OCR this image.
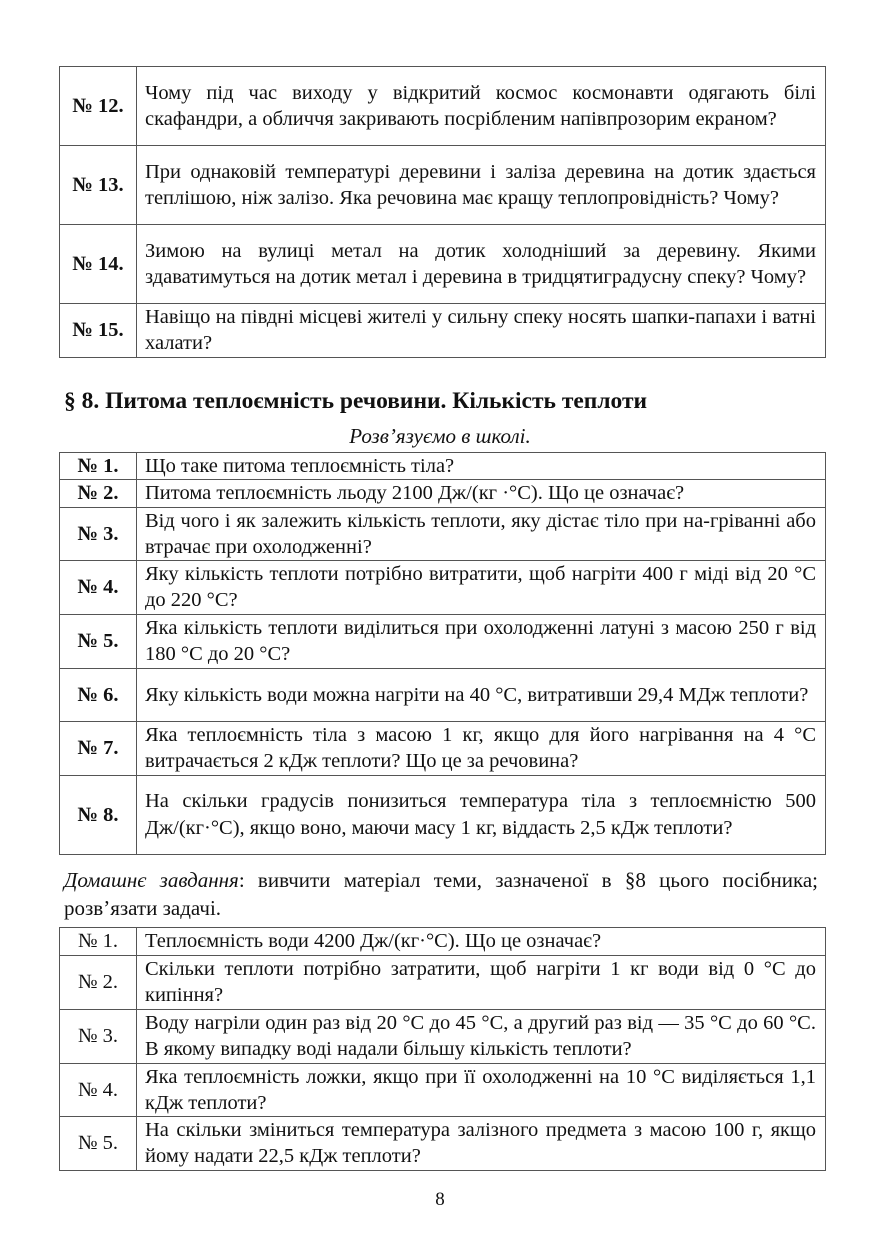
№ 12.	Чому під час виходу у відкритий космос космонавти одягають білі скафандри, а обличчя закривають посрібленим напівпрозорим екраном?
№ 13.	При однаковій температурі деревини і заліза деревина на дотик здається теплішою, ніж залізо. Яка речовина має кращу теплопровідність? Чому?
№ 14.	Зимою на вулиці метал на дотик холодніший за деревину. Якими здаватимуться на дотик метал і деревина в тридцятиградусну спеку? Чому?
№ 15.	Навіщо на півдні місцеві жителі у сильну спеку носять шапки-папахи і ватні халати?
§ 8. Питома теплоємність речовини. Кількість теплоти
Розв’язуємо в школі.
№ 1.	Що таке питома теплоємність тіла?
№ 2.	Питома теплоємність льоду 2100 Дж/(кг ·°С). Що це означає?
№ 3.	Від чого і як залежить кількість теплоти, яку дістає тіло при на-гріванні або втрачає при охолодженні?
№ 4.	Яку кількість теплоти потрібно витратити, щоб нагріти 400 г міді від 20 °С до 220 °С?
№ 5.	Яка кількість теплоти виділиться при охолодженні латуні з масою 250 г від 180 °С до 20 °С?
№ 6.	Яку кількість води можна нагріти на 40 °С, витративши 29,4 МДж теплоти?
№ 7.	Яка теплоємність тіла з масою 1 кг, якщо для його нагрівання на 4 °С витрачається 2 кДж теплоти? Що це за речовина?
№ 8.	На скільки градусів понизиться температура тіла з теплоємністю 500 Дж/(кг·°С), якщо воно, маючи масу 1 кг, віддасть 2,5 кДж теплоти?
Домашнє завдання: вивчити матеріал теми, зазначеної в §8 цього посібника; розв’язати задачі.
№ 1.	Теплоємність води 4200 Дж/(кг·°С). Що це означає?
№ 2.	Скільки теплоти потрібно затратити, щоб нагріти 1 кг води від 0 °С до кипіння?
№ 3.	Воду нагріли один раз від 20 °С до 45 °С, а другий раз від — 35 °С до 60 °С. В якому випадку воді надали більшу кількість теплоти?
№ 4.	Яка теплоємність ложки, якщо при її охолодженні на 10 °С виділяється 1,1 кДж теплоти?
№ 5.	На скільки зміниться температура залізного предмета з масою 100 г, якщо йому надати 22,5 кДж теплоти?
8
